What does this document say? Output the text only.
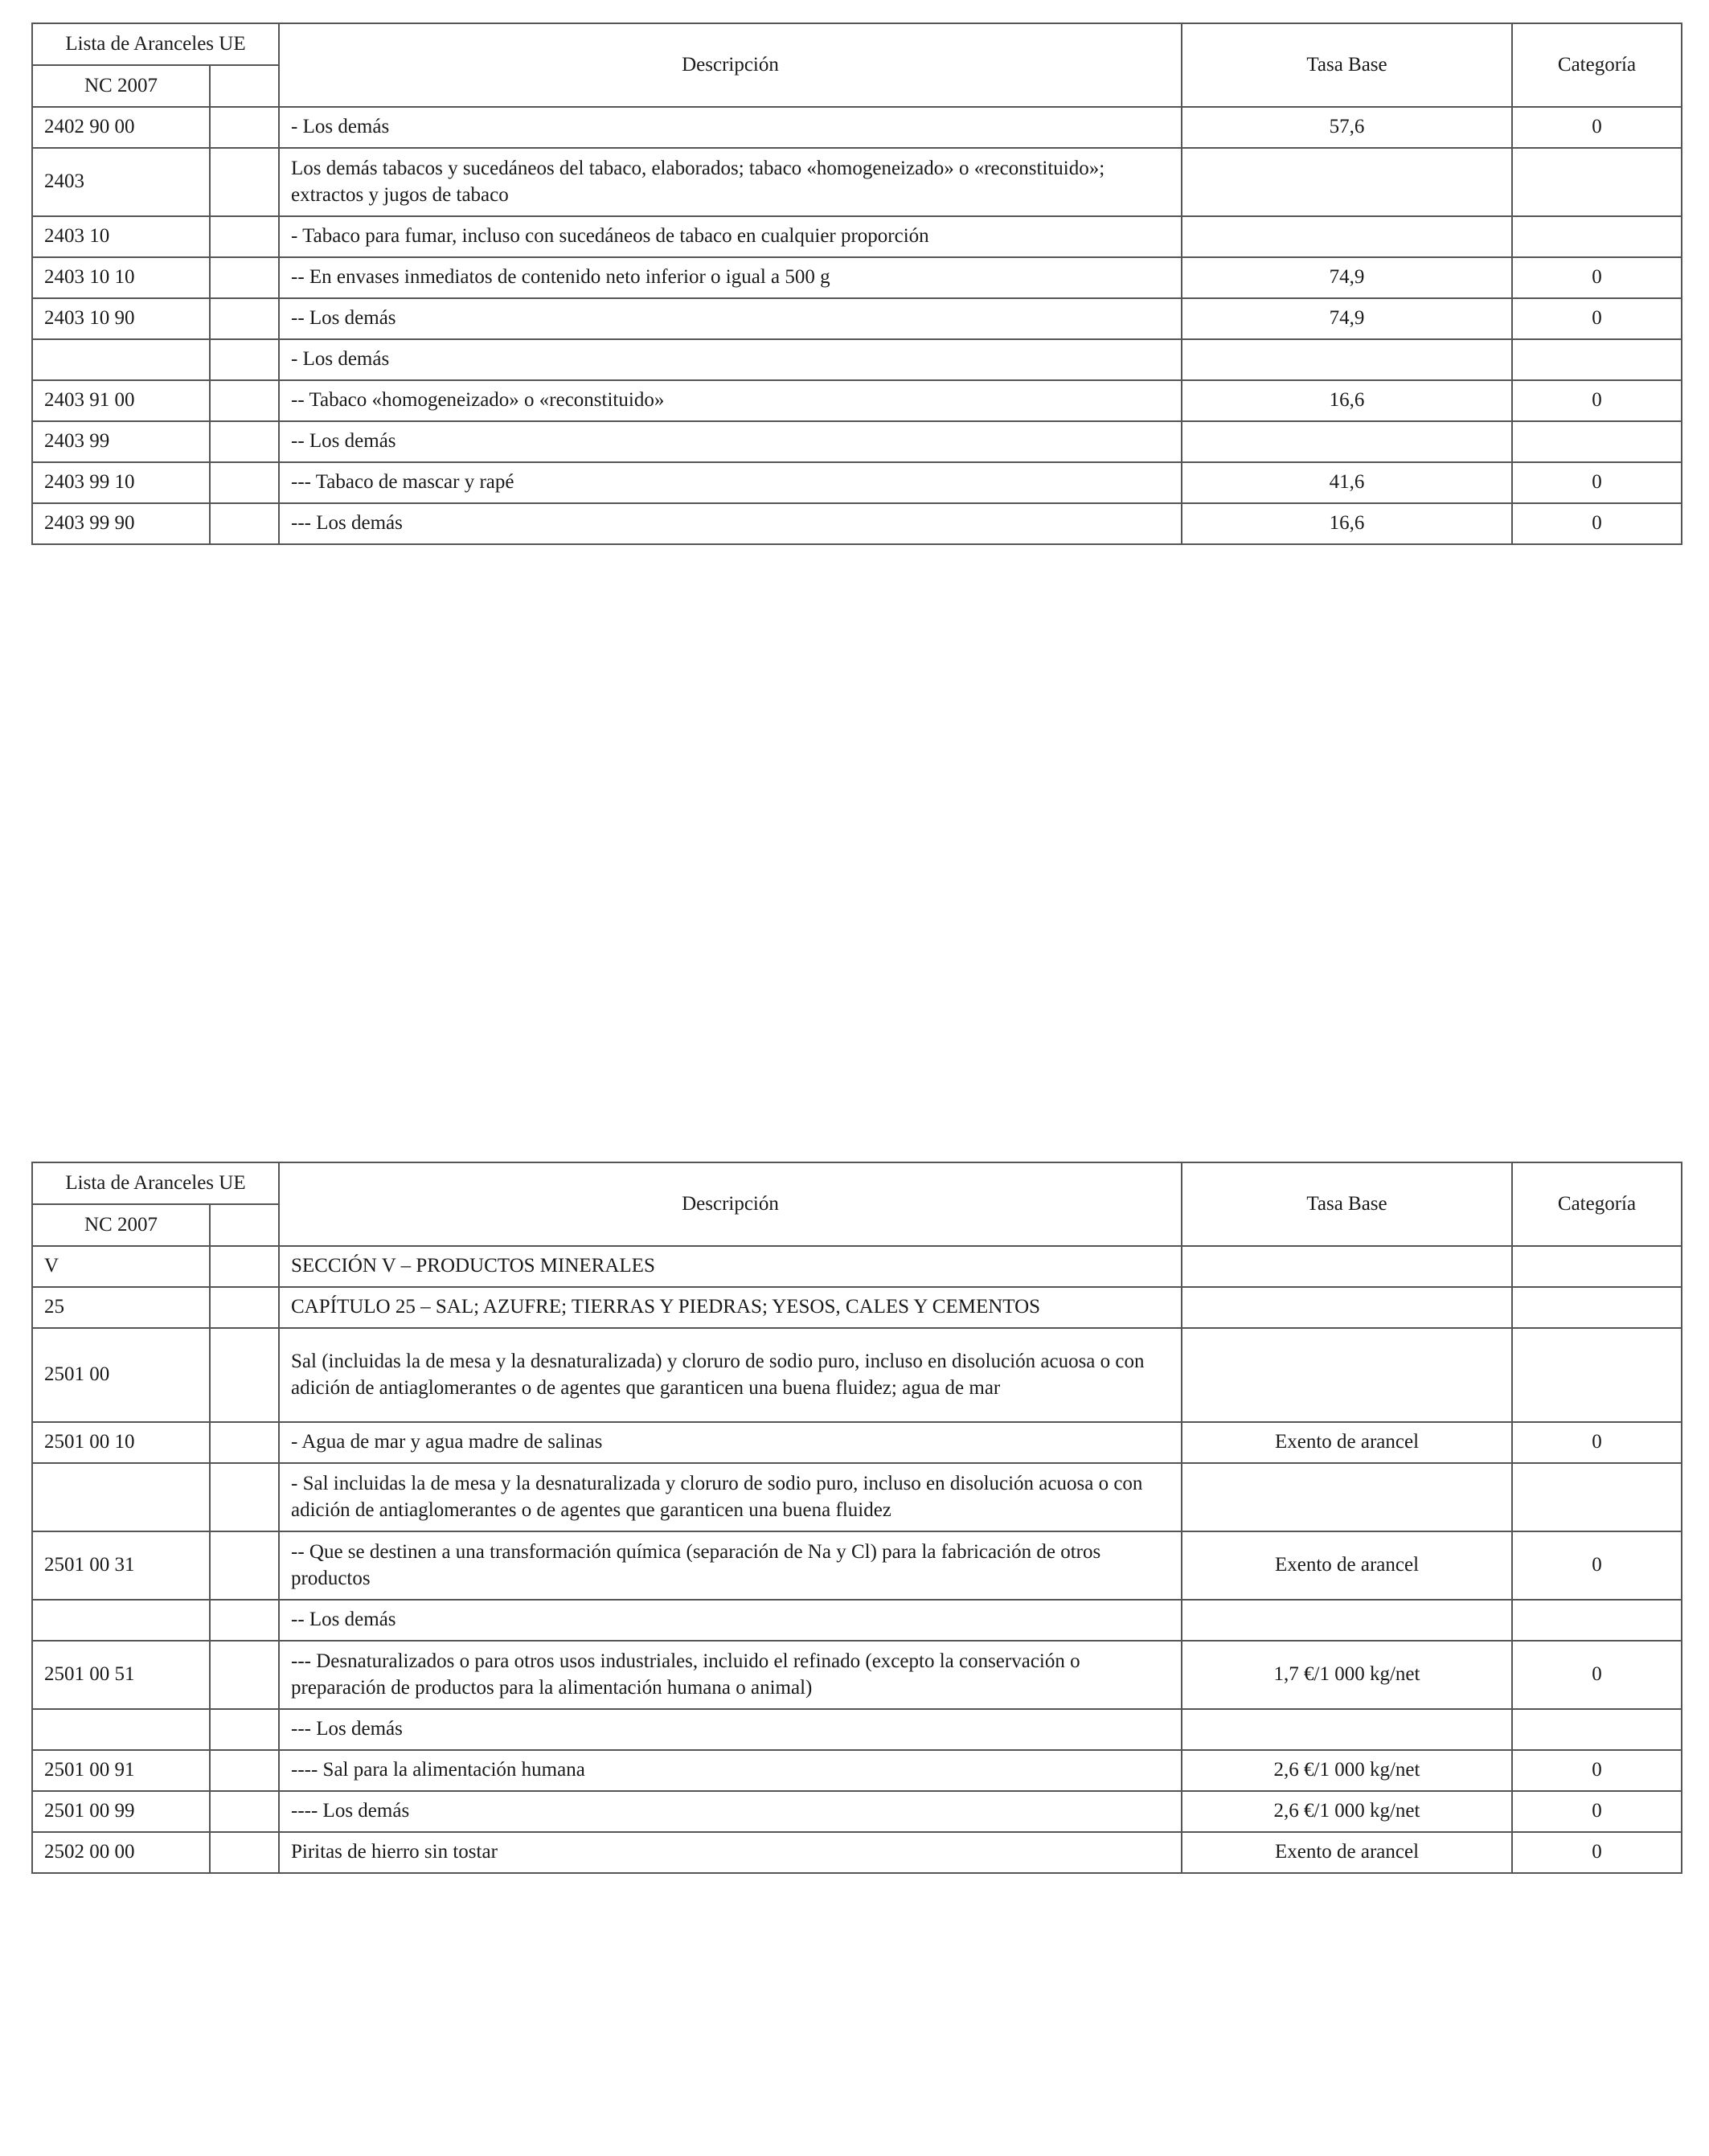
Lista de Aranceles UE		Descripción	Tasa Base	Categoría
NC 2007				
2402 90 00		- Los demás	57,6	0
2403		Los demás tabacos y sucedáneos del tabaco, elaborados; tabaco «homogeneizado» o «reconstituido»; extractos y jugos de tabaco		
2403 10		- Tabaco para fumar, incluso con sucedáneos de tabaco en cualquier proporción		
2403 10 10		-- En envases inmediatos de contenido neto inferior o igual a 500 g	74,9	0
2403 10 90		-- Los demás	74,9	0
		- Los demás		
2403 91 00		-- Tabaco «homogeneizado» o «reconstituido»	16,6	0
2403 99		-- Los demás		
2403 99 10		--- Tabaco de mascar y rapé	41,6	0
2403 99 90		--- Los demás	16,6	0
Lista de Aranceles UE		Descripción	Tasa Base	Categoría
NC 2007				
V		SECCIÓN V – PRODUCTOS MINERALES		
25		CAPÍTULO 25 – SAL; AZUFRE; TIERRAS Y PIEDRAS; YESOS, CALES Y CEMENTOS		
2501 00		Sal (incluidas la de mesa y la desnaturalizada) y cloruro de sodio puro, incluso en disolución acuosa o con adición de antiaglomerantes o de agentes que garanticen una buena fluidez; agua de mar		
2501 00 10		- Agua de mar y agua madre de salinas	Exento de arancel	0
		- Sal incluidas la de mesa y la desnaturalizada y cloruro de sodio puro, incluso en disolución acuosa o con adición de antiaglomerantes o de agentes que garanticen una buena fluidez		
2501 00 31		-- Que se destinen a una transformación química (separación de Na y Cl) para la fabricación de otros productos	Exento de arancel	0
		-- Los demás		
2501 00 51		--- Desnaturalizados o para otros usos industriales, incluido el refinado (excepto la conservación o preparación de productos para la alimentación humana o animal)	1,7 €/1 000 kg/net	0
		--- Los demás		
2501 00 91		---- Sal para la alimentación humana	2,6 €/1 000 kg/net	0
2501 00 99		---- Los demás	2,6 €/1 000 kg/net	0
2502 00 00		Piritas de hierro sin tostar	Exento de arancel	0
